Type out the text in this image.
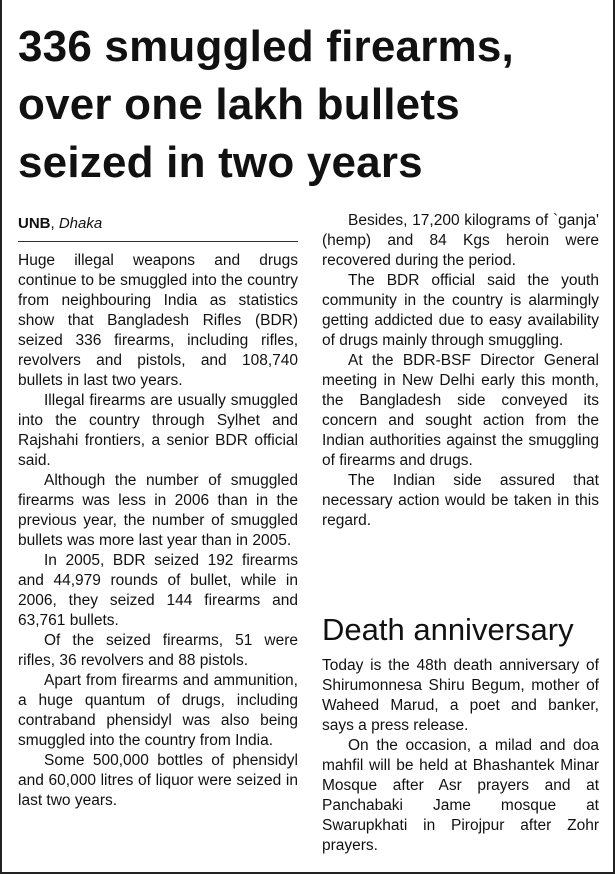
336 smuggled firearms, over one lakh bullets seized in two years
UNB, Dhaka

Huge illegal weapons and drugs continue to be smuggled into the country from neighbouring India as statistics show that Bangladesh Rifles (BDR) seized 336 firearms, including rifles, revolvers and pistols, and 108,740 bullets in last two years.

Illegal firearms are usually smuggled into the country through Sylhet and Rajshahi frontiers, a senior BDR official said.

Although the number of smuggled firearms was less in 2006 than in the previous year, the number of smuggled bullets was more last year than in 2005.

In 2005, BDR seized 192 firearms and 44,979 rounds of bullet, while in 2006, they seized 144 firearms and 63,761 bullets.

Of the seized firearms, 51 were rifles, 36 revolvers and 88 pistols.

Apart from firearms and ammunition, a huge quantum of drugs, including contraband phensidyl was also being smuggled into the country from India.

Some 500,000 bottles of phensidyl and 60,000 litres of liquor were seized in last two years.

Besides, 17,200 kilograms of `ganja' (hemp) and 84 Kgs heroin were recovered during the period.

The BDR official said the youth community in the country is alarmingly getting addicted due to easy availability of drugs mainly through smuggling.

At the BDR-BSF Director General meeting in New Delhi early this month, the Bangladesh side conveyed its concern and sought action from the Indian authorities against the smuggling of firearms and drugs.

The Indian side assured that necessary action would be taken in this regard.

Death anniversary

Today is the 48th death anniversary of Shirumonnesa Shiru Begum, mother of Waheed Marud, a poet and banker, says a press release.

On the occasion, a milad and doa mahfil will be held at Bhashantek Minar Mosque after Asr prayers and at Panchabaki Jame mosque at Swarupkhati in Pirojpur after Zohr prayers.
